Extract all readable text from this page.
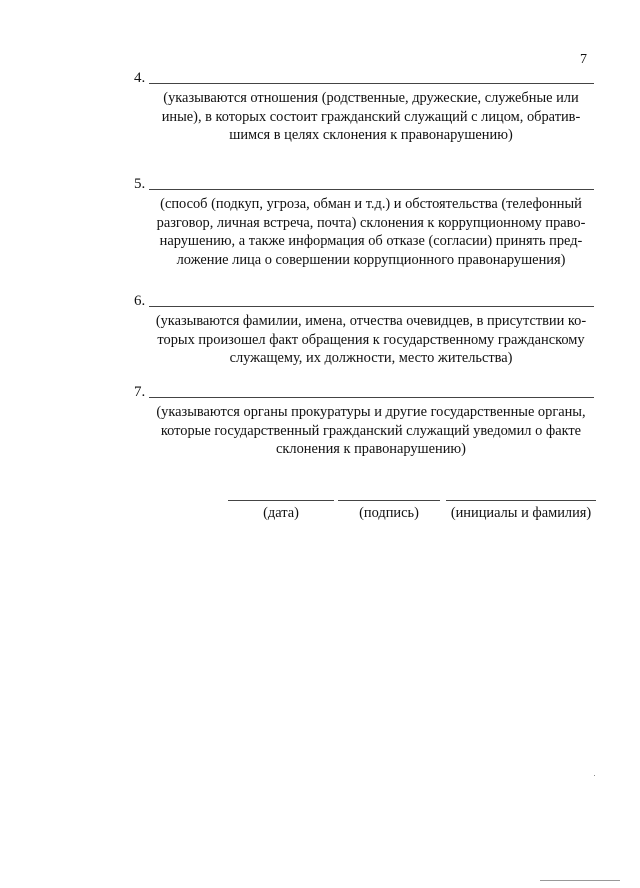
7
4.
(указываются отношения (родственные, дружеские, служебные или
иные), в которых состоит гражданский служащий с лицом, обратив-
шимся в целях склонения к правонарушению)
5.
(способ (подкуп, угроза, обман и т.д.) и обстоятельства (телефонный
разговор, личная встреча, почта) склонения к коррупционному право-
нарушению, а также информация об отказе (согласии) принять пред-
ложение лица о совершении коррупционного правонарушения)
6.
(указываются фамилии, имена, отчества очевидцев, в присутствии ко-
торых произошел факт обращения к государственному гражданскому
служащему, их должности, место жительства)
7.
(указываются органы прокуратуры и другие государственные органы,
которые государственный гражданский служащий уведомил о факте
склонения к правонарушению)
(дата)	(подпись)	(инициалы и фамилия)
